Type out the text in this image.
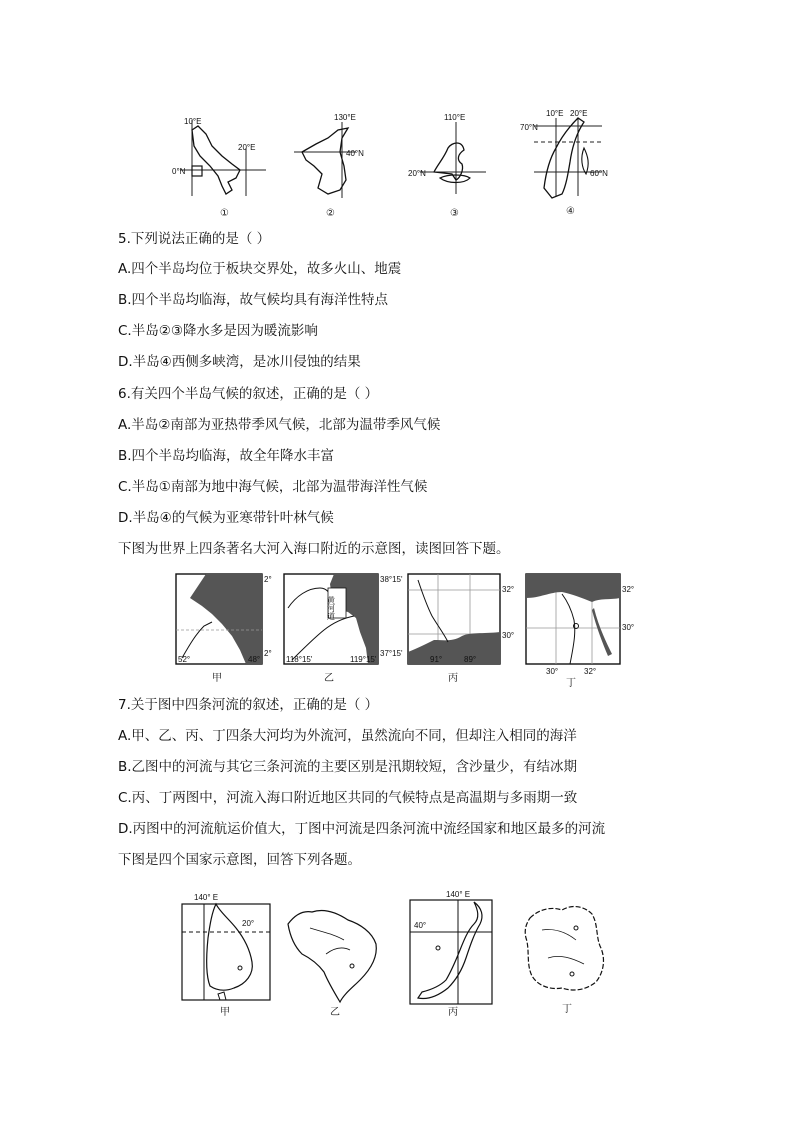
10°E
20°E
0°N
①
130°E
40°N
②
110°E
20°N
③
10°E 20°E
70°N
60°N
④
5.下列说法正确的是（ ）
A.四个半岛均位于板块交界处，故多火山、地震
B.四个半岛均临海，故气候均具有海洋性特点
C.半岛②③降水多是因为暖流影响
D.半岛④西侧多峡湾，是冰川侵蚀的结果
6.有关四个半岛气候的叙述，正确的是（ ）
A.半岛②南部为亚热带季风气候，北部为温带季风气候
B.四个半岛均临海，故全年降水丰富
C.半岛①南部为地中海气候，北部为温带海洋性气候
D.半岛④的气候为亚寒带针叶林气候
下图为世界上四条著名大河入海口附近的示意图，读图回答下题。
2°
2°
52°	48°
甲
黄河道
38°15'
37°15'
118°15'	119°15'
乙
32°
30°
91°	89°
丙
32°
30°
30°	32°
丁
7.关于图中四条河流的叙述，正确的是（ ）
A.甲、乙、丙、丁四条大河均为外流河，虽然流向不同，但却注入相同的海洋
B.乙图中的河流与其它三条河流的主要区别是汛期较短，含沙量少，有结冰期
C.丙、丁两图中，河流入海口附近地区共同的气候特点是高温期与多雨期一致
D.丙图中的河流航运价值大，丁图中河流是四条河流中流经国家和地区最多的河流
下图是四个国家示意图，回答下列各题。
140° E
20°
甲	乙
140° E
40°
丙	丁
